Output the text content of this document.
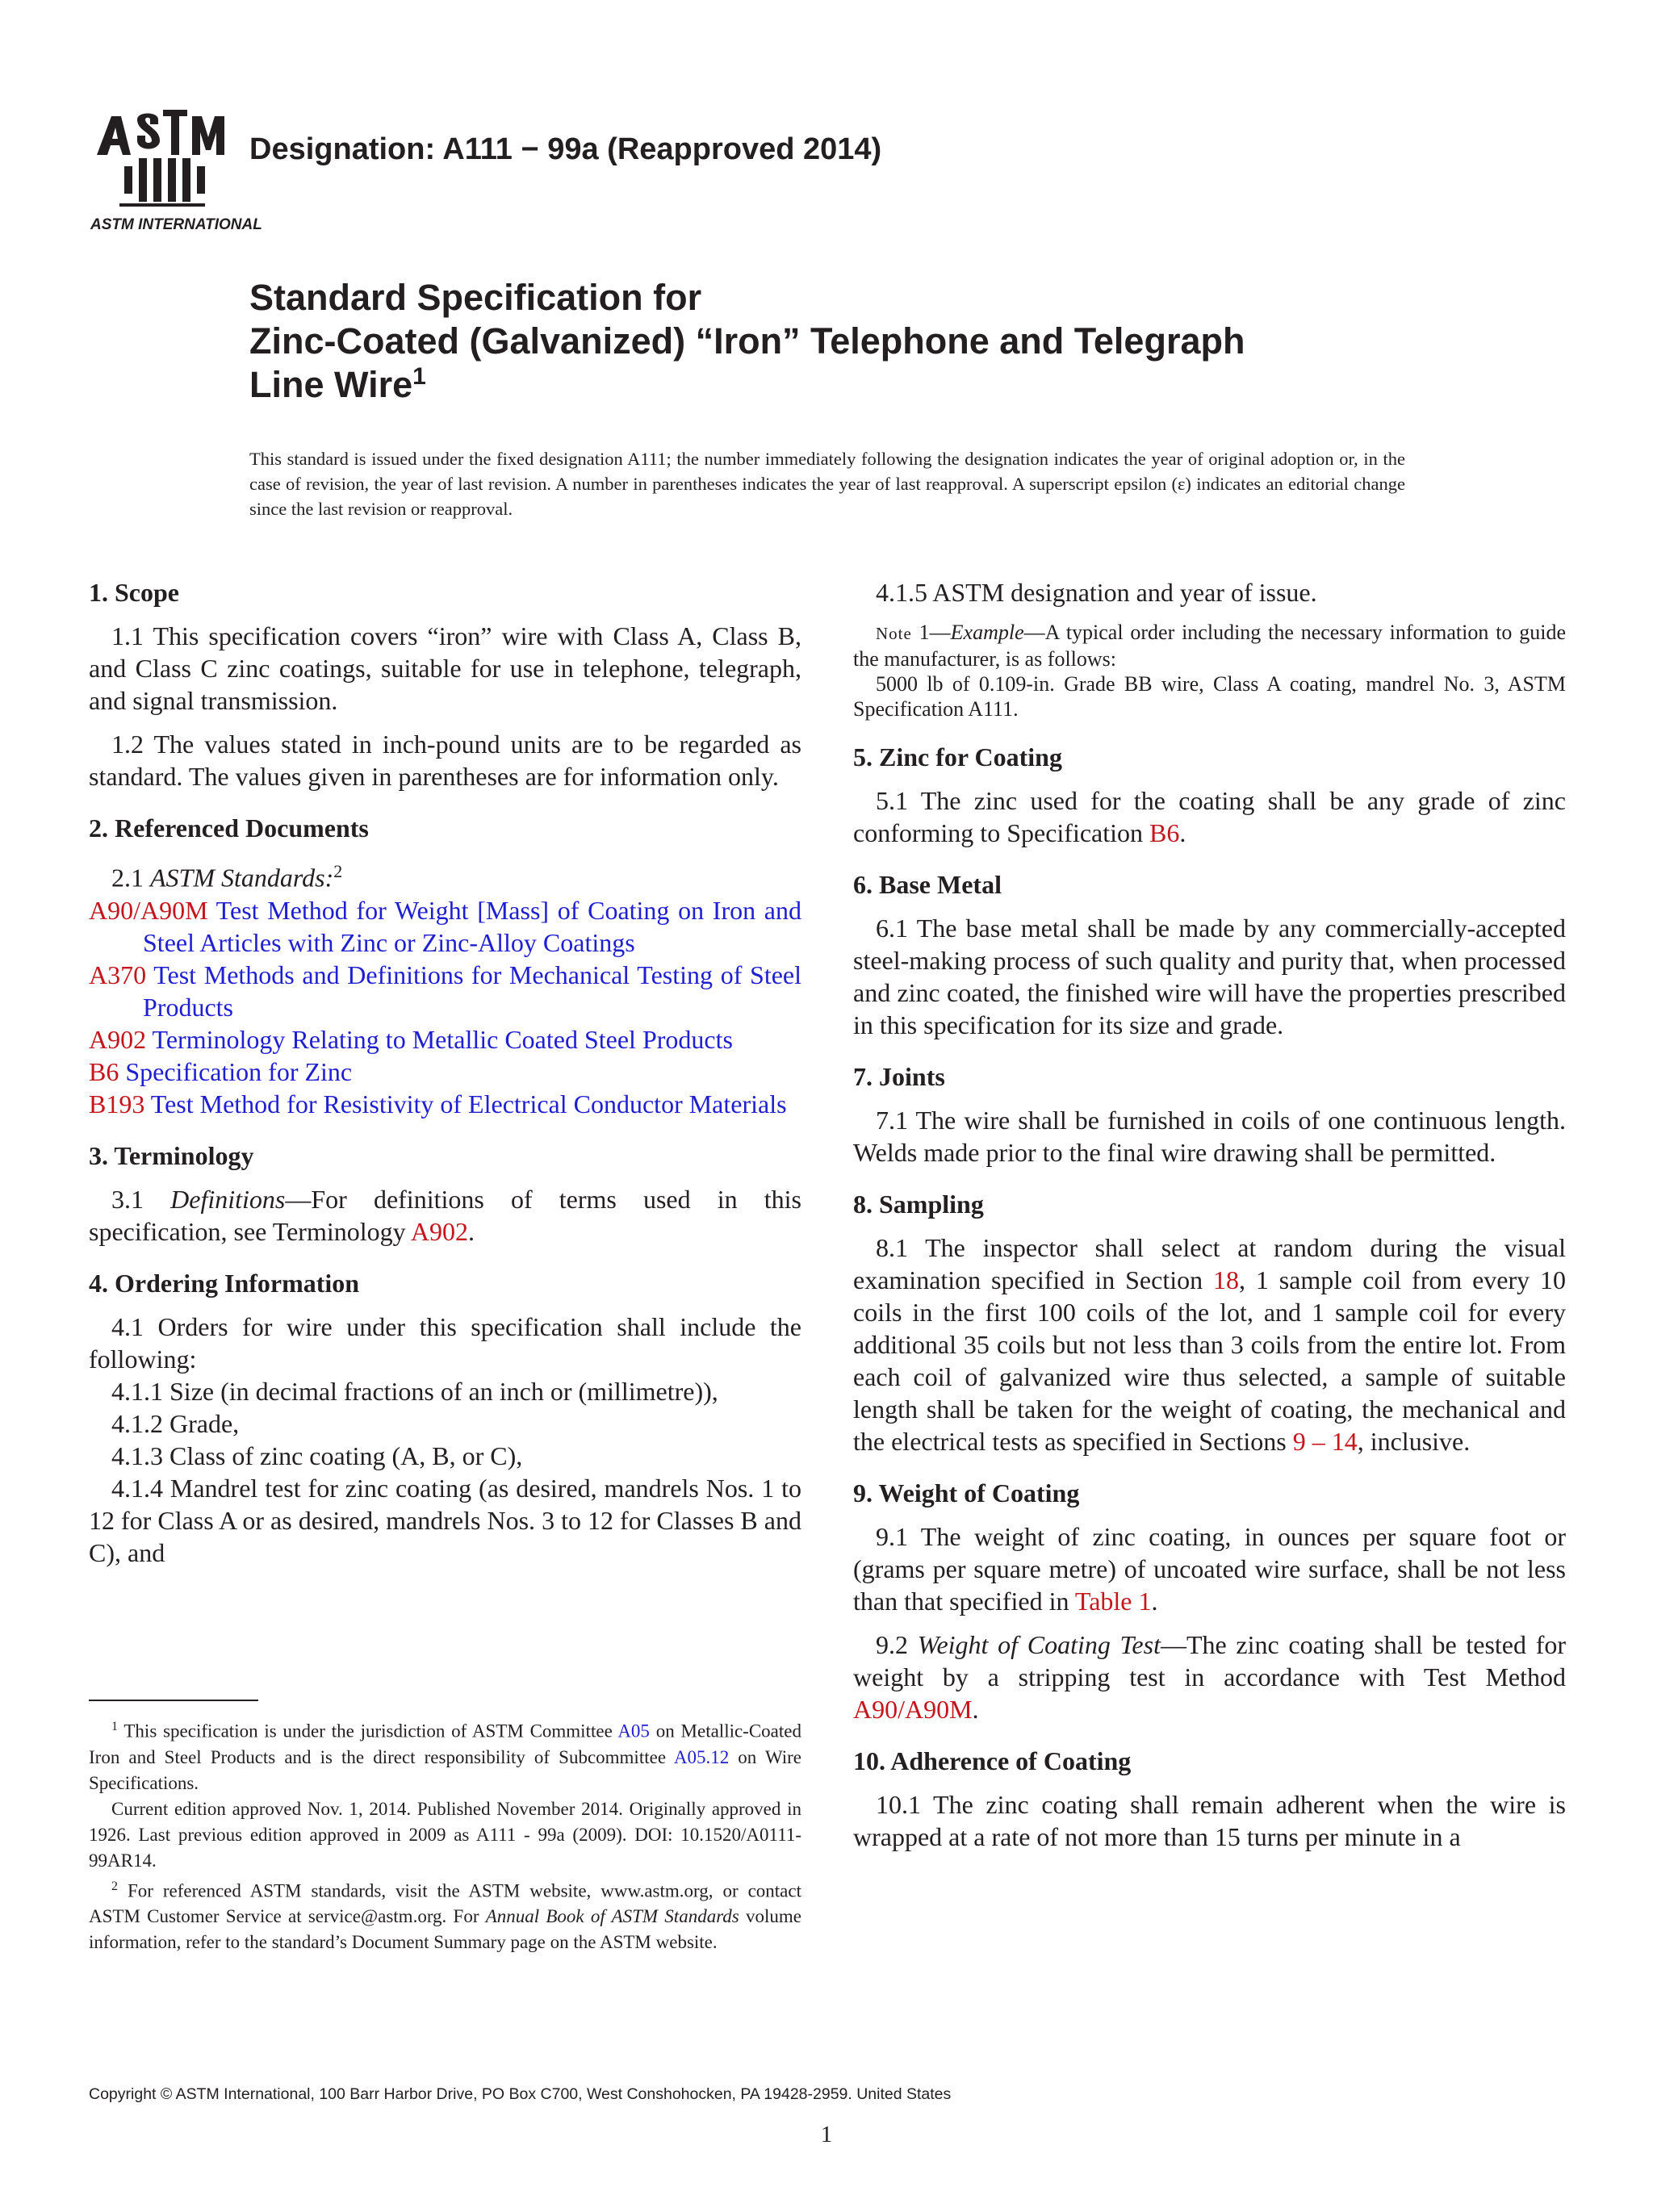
ASTM INTERNATIONAL
Designation: A111 − 99a (Reapproved 2014)
Standard Specification for
Zinc-Coated (Galvanized) “Iron” Telephone and Telegraph
Line Wire$^1$
This standard is issued under the fixed designation A111; the number immediately following the designation indicates the year of original adoption or, in the case of revision, the year of last revision. A number in parentheses indicates the year of last reapproval. A superscript epsilon (ε) indicates an editorial change since the last revision or reapproval.

1. Scope

1.1 This specification covers “iron” wire with Class A, Class B, and Class C zinc coatings, suitable for use in telephone, telegraph, and signal transmission.

1.2 The values stated in inch-pound units are to be regarded as standard. The values given in parentheses are for information only.

2. Referenced Documents

2.1 ASTM Standards:$^2$

A90/A90M Test Method for Weight [Mass] of Coating on Iron and Steel Articles with Zinc or Zinc-Alloy Coatings

A370 Test Methods and Definitions for Mechanical Testing of Steel Products

A902 Terminology Relating to Metallic Coated Steel Products

B6 Specification for Zinc

B193 Test Method for Resistivity of Electrical Conductor Materials

3. Terminology

3.1 Definitions—For definitions of terms used in this specification, see Terminology A902.

4. Ordering Information

4.1 Orders for wire under this specification shall include the following:

4.1.1 Size (in decimal fractions of an inch or (millimetre)),

4.1.2 Grade,

4.1.3 Class of zinc coating (A, B, or C),

4.1.4 Mandrel test for zinc coating (as desired, mandrels Nos. 1 to 12 for Class A or as desired, mandrels Nos. 3 to 12 for Classes B and C), and

$^1$ This specification is under the jurisdiction of ASTM Committee A05 on Metallic-Coated Iron and Steel Products and is the direct responsibility of Subcommittee A05.12 on Wire Specifications.

Current edition approved Nov. 1, 2014. Published November 2014. Originally approved in 1926. Last previous edition approved in 2009 as A111 - 99a (2009). DOI: 10.1520/A0111-99AR14.

$^2$ For referenced ASTM standards, visit the ASTM website, www.astm.org, or contact ASTM Customer Service at service@astm.org. For Annual Book of ASTM Standards volume information, refer to the standard’s Document Summary page on the ASTM website.

4.1.5 ASTM designation and year of issue.

Note 1—Example—A typical order including the necessary information to guide the manufacturer, is as follows:

5000 lb of 0.109-in. Grade BB wire, Class A coating, mandrel No. 3, ASTM Specification A111.

5. Zinc for Coating

5.1 The zinc used for the coating shall be any grade of zinc conforming to Specification B6.

6. Base Metal

6.1 The base metal shall be made by any commercially-accepted steel-making process of such quality and purity that, when processed and zinc coated, the finished wire will have the properties prescribed in this specification for its size and grade.

7. Joints

7.1 The wire shall be furnished in coils of one continuous length. Welds made prior to the final wire drawing shall be permitted.

8. Sampling

8.1 The inspector shall select at random during the visual examination specified in Section 18, 1 sample coil from every 10 coils in the first 100 coils of the lot, and 1 sample coil for every additional 35 coils but not less than 3 coils from the entire lot. From each coil of galvanized wire thus selected, a sample of suitable length shall be taken for the weight of coating, the mechanical and the electrical tests as specified in Sections 9 – 14, inclusive.

9. Weight of Coating

9.1 The weight of zinc coating, in ounces per square foot or (grams per square metre) of uncoated wire surface, shall be not less than that specified in Table 1.

9.2 Weight of Coating Test—The zinc coating shall be tested for weight by a stripping test in accordance with Test Method A90/A90M.

10. Adherence of Coating

10.1 The zinc coating shall remain adherent when the wire is wrapped at a rate of not more than 15 turns per minute in a

Copyright © ASTM International, 100 Barr Harbor Drive, PO Box C700, West Conshohocken, PA 19428-2959. United States
1
